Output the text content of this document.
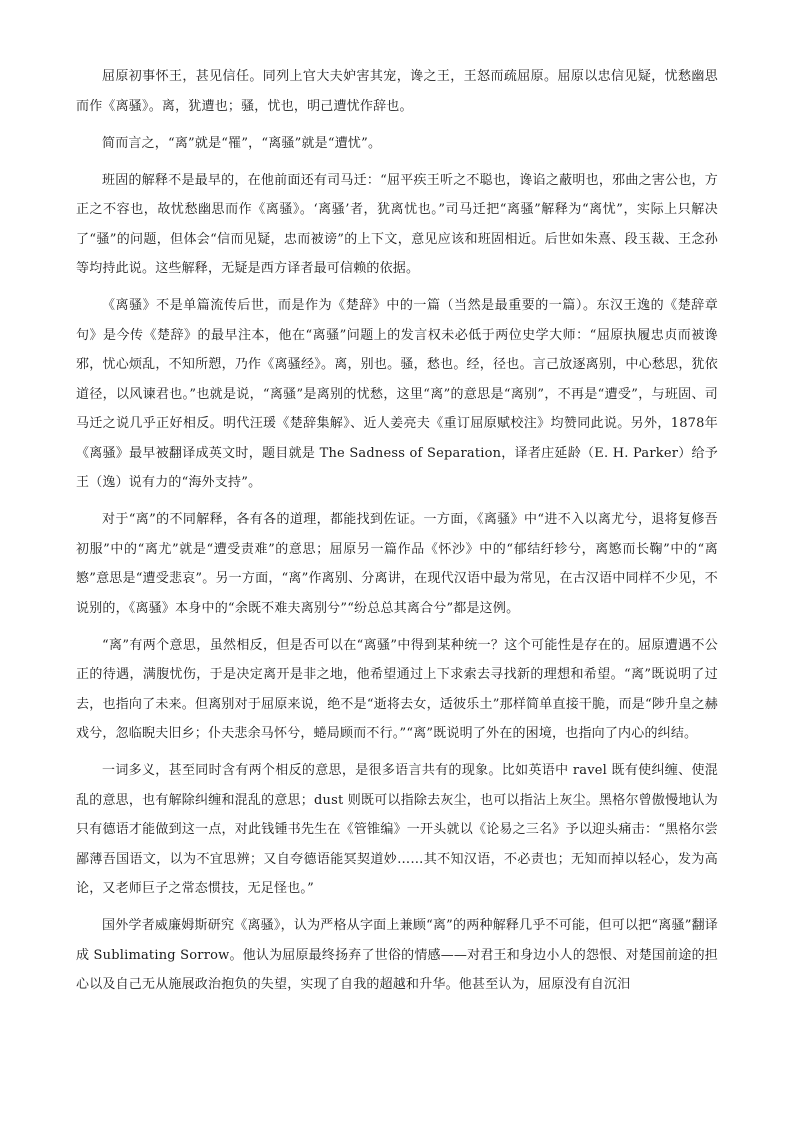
屈原初事怀王，甚见信任。同列上官大夫妒害其宠，谗之王，王怒而疏屈原。屈原以忠信见疑，忧愁幽思而作《离骚》。离，犹遭也；骚，忧也，明己遭忧作辞也。

简而言之，“离”就是“罹”，“离骚”就是“遭忧”。

班固的解释不是最早的，在他前面还有司马迁：“屈平疾王听之不聪也，谗谄之蔽明也，邪曲之害公也，方正之不容也，故忧愁幽思而作《离骚》。‘离骚’者，犹离忧也。”司马迁把“离骚”解释为“离忧”，实际上只解决了“骚”的问题，但体会“信而见疑，忠而被谤”的上下文，意见应该和班固相近。后世如朱熹、段玉裁、王念孙等均持此说。这些解释，无疑是西方译者最可信赖的依据。

《离骚》不是单篇流传后世，而是作为《楚辞》中的一篇（当然是最重要的一篇）。东汉王逸的《楚辞章句》是今传《楚辞》的最早注本，他在“离骚”问题上的发言权未必低于两位史学大师：“屈原执履忠贞而被谗邪，忧心烦乱，不知所愬，乃作《离骚经》。离，别也。骚，愁也。经，径也。言己放逐离别，中心愁思，犹依道径，以风谏君也。”也就是说，“离骚”是离别的忧愁，这里“离”的意思是“离别”，不再是“遭受”，与班固、司马迁之说几乎正好相反。明代汪瑗《楚辞集解》、近人姜亮夫《重订屈原赋校注》均赞同此说。另外，1878年《离骚》最早被翻译成英文时，题目就是 The Sadness of Separation，译者庄延龄（E. H. Parker）给予王（逸）说有力的“海外支持”。

对于“离”的不同解释，各有各的道理，都能找到佐证。一方面，《离骚》中“进不入以离尤兮，退将复修吾初服”中的“离尤”就是“遭受责难”的意思；屈原另一篇作品《怀沙》中的“郁结纡轸兮，离慜而长鞠”中的“离慜”意思是“遭受悲哀”。另一方面，“离”作离别、分离讲，在现代汉语中最为常见，在古汉语中同样不少见，不说别的，《离骚》本身中的“余既不难夫离别兮”“纷总总其离合兮”都是这例。

“离”有两个意思，虽然相反，但是否可以在“离骚”中得到某种统一？这个可能性是存在的。屈原遭遇不公正的待遇，满腹忧伤，于是决定离开是非之地，他希望通过上下求索去寻找新的理想和希望。“离”既说明了过去，也指向了未来。但离别对于屈原来说，绝不是“逝将去女，适彼乐土”那样简单直接干脆，而是“陟升皇之赫戏兮，忽临睨夫旧乡；仆夫悲余马怀兮，蜷局顾而不行。”“离”既说明了外在的困境，也指向了内心的纠结。

一词多义，甚至同时含有两个相反的意思，是很多语言共有的现象。比如英语中 ravel 既有使纠缠、使混乱的意思，也有解除纠缠和混乱的意思；dust 则既可以指除去灰尘，也可以指沾上灰尘。黑格尔曾傲慢地认为只有德语才能做到这一点，对此钱锺书先生在《管锥编》一开头就以《论易之三名》予以迎头痛击：“黑格尔尝鄙薄吾国语文，以为不宜思辨；又自夸德语能冥契道妙……其不知汉语，不必责也；无知而掉以轻心，发为高论，又老师巨子之常态惯技，无足怪也。”

国外学者威廉姆斯研究《离骚》，认为严格从字面上兼顾“离”的两种解释几乎不可能，但可以把“离骚”翻译成 Sublimating Sorrow。他认为屈原最终扬弃了世俗的情感——对君王和身边小人的怨恨、对楚国前途的担心以及自己无从施展政治抱负的失望，实现了自我的超越和升华。他甚至认为，屈原没有自沉汨
